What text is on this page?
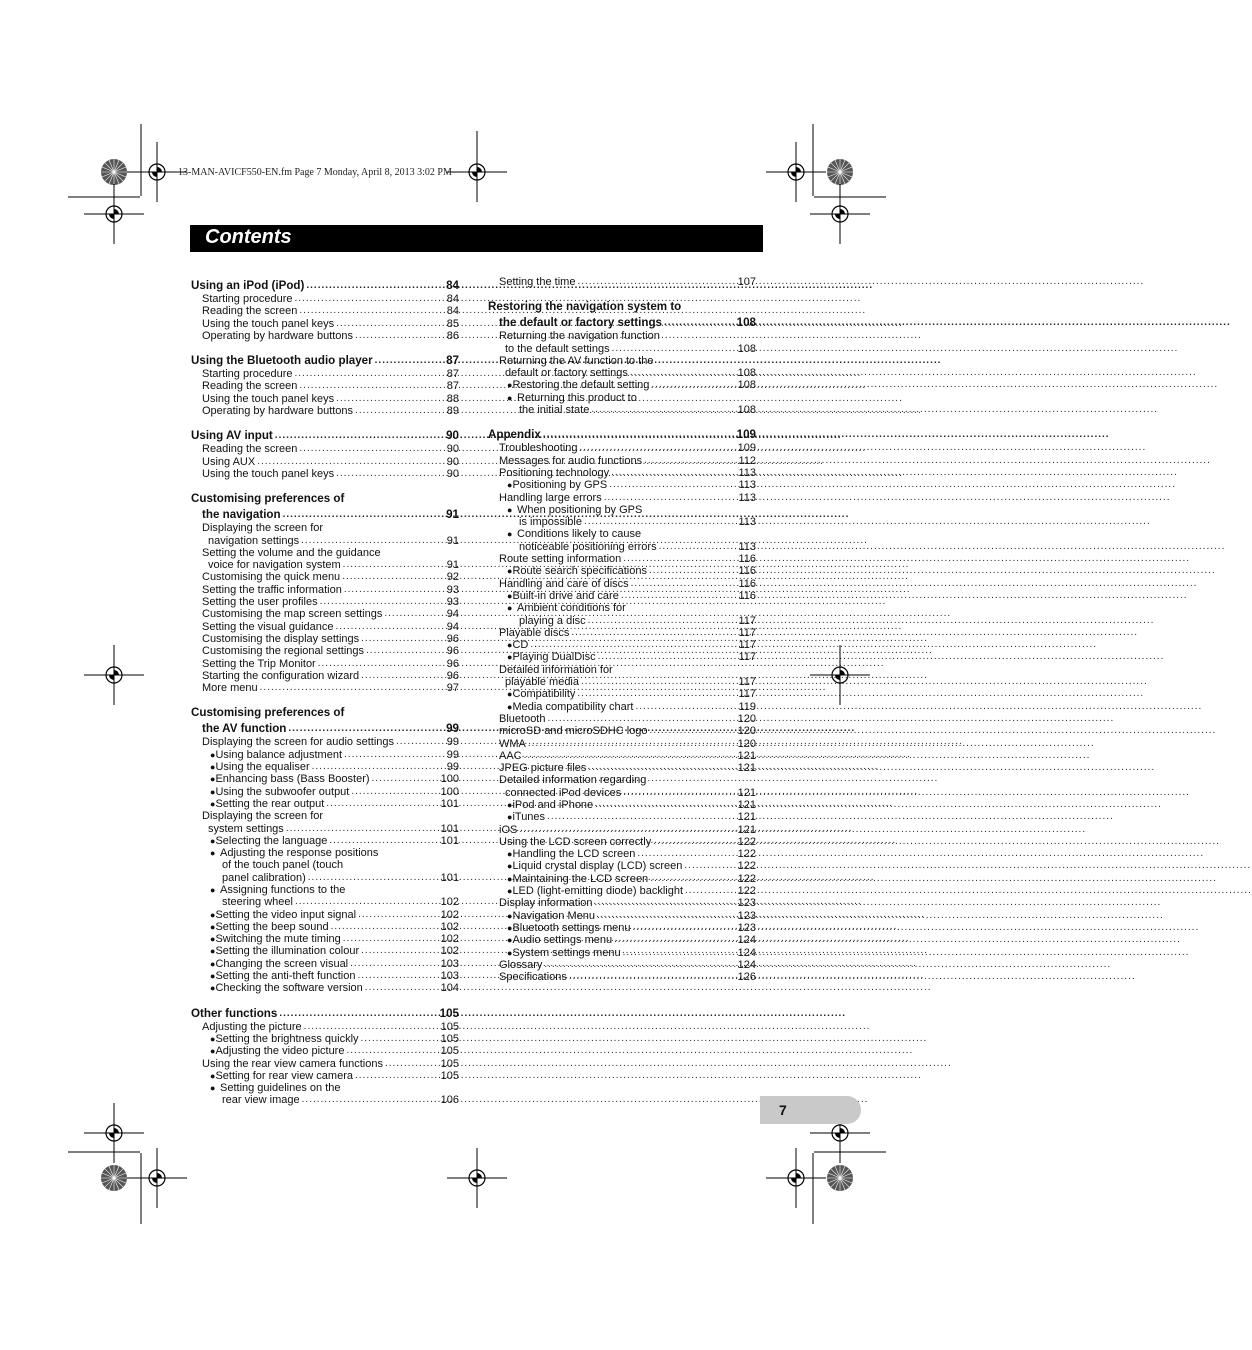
13-MAN-AVICF550-EN.fm Page 7 Monday, April 8, 2013 3:02 PM
Contents
Using an iPod (iPod) .....	84
Starting procedure .....	84
Reading the screen .....	84
Using the touch panel keys .....	85
Operating by hardware buttons .....	86
Using the Bluetooth audio player .....	87
Starting procedure .....	87
Reading the screen .....	87
Using the touch panel keys .....	88
Operating by hardware buttons .....	89
Using AV input .....	90
Reading the screen .....	90
Using AUX .....	90
Using the touch panel keys .....	90
Customising preferences of
the navigation .....	91
Displaying the screen for
navigation settings .....	91
Setting the volume and the guidance
voice for navigation system .....	91
Customising the quick menu .....	92
Setting the traffic information .....	93
Setting the user profiles .....	93
Customising the map screen settings .....	94
Setting the visual guidance .....	94
Customising the display settings .....	96
Customising the regional settings .....	96
Setting the Trip Monitor .....	96
Starting the configuration wizard .....	96
More menu .....	97
Customising preferences of
the AV function .....	99
Displaying the screen for audio settings .....	99
● Using balance adjustment .....	99
● Using the equaliser .....	99
● Enhancing bass (Bass Booster) .....	100
● Using the subwoofer output .....	100
● Setting the rear output .....	101
Displaying the screen for
system settings .....	101
● Selecting the language .....	101
● Adjusting the response positions
of the touch panel (touch
panel calibration) .....	101
● Assigning functions to the
steering wheel .....	102
● Setting the video input signal .....	102
● Setting the beep sound .....	102
● Switching the mute timing .....	102
● Setting the illumination colour .....	102
● Changing the screen visual .....	103
● Setting the anti-theft function .....	103
● Checking the software version .....	104
Other functions .....	105
Adjusting the picture .....	105
● Setting the brightness quickly .....	105
● Adjusting the video picture .....	105
Using the rear view camera functions .....	105
● Setting for rear view camera .....	105
● Setting guidelines on the
rear view image .....	106
Setting the time .....	107
Restoring the navigation system to
the default or factory settings .....	108
Returning the navigation function
to the default settings .....	108
Returning the AV function to the
default or factory settings .....	108
● Restoring the default setting .....	108
● Returning this product to
the initial state .....	108
Appendix .....	109
Troubleshooting .....	109
Messages for audio functions .....	112
Positioning technology .....	113
● Positioning by GPS .....	113
Handling large errors .....	113
● When positioning by GPS
is impossible .....	113
● Conditions likely to cause
noticeable positioning errors .....	113
Route setting information .....	116
● Route search specifications .....	116
Handling and care of discs .....	116
● Built-in drive and care .....	116
● Ambient conditions for
playing a disc .....	117
Playable discs .....	117
● CD .....	117
● Playing DualDisc .....	117
Detailed information for
playable media .....	117
● Compatibility .....	117
● Media compatibility chart .....	119
Bluetooth .....	120
microSD and microSDHC logo .....	120
WMA .....	120
AAC .....	121
JPEG picture files .....	121
Detailed information regarding
connected iPod devices .....	121
● iPod and iPhone .....	121
● iTunes .....	121
iOS .....	121
Using the LCD screen correctly .....	122
● Handling the LCD screen .....	122
● Liquid crystal display (LCD) screen .....	122
● Maintaining the LCD screen .....	122
● LED (light-emitting diode) backlight .....	122
Display information .....	123
● Navigation Menu .....	123
● Bluetooth settings menu .....	123
● Audio settings menu .....	124
● System settings menu .....	124
Glossary .....	124
Specifications .....	126
7
